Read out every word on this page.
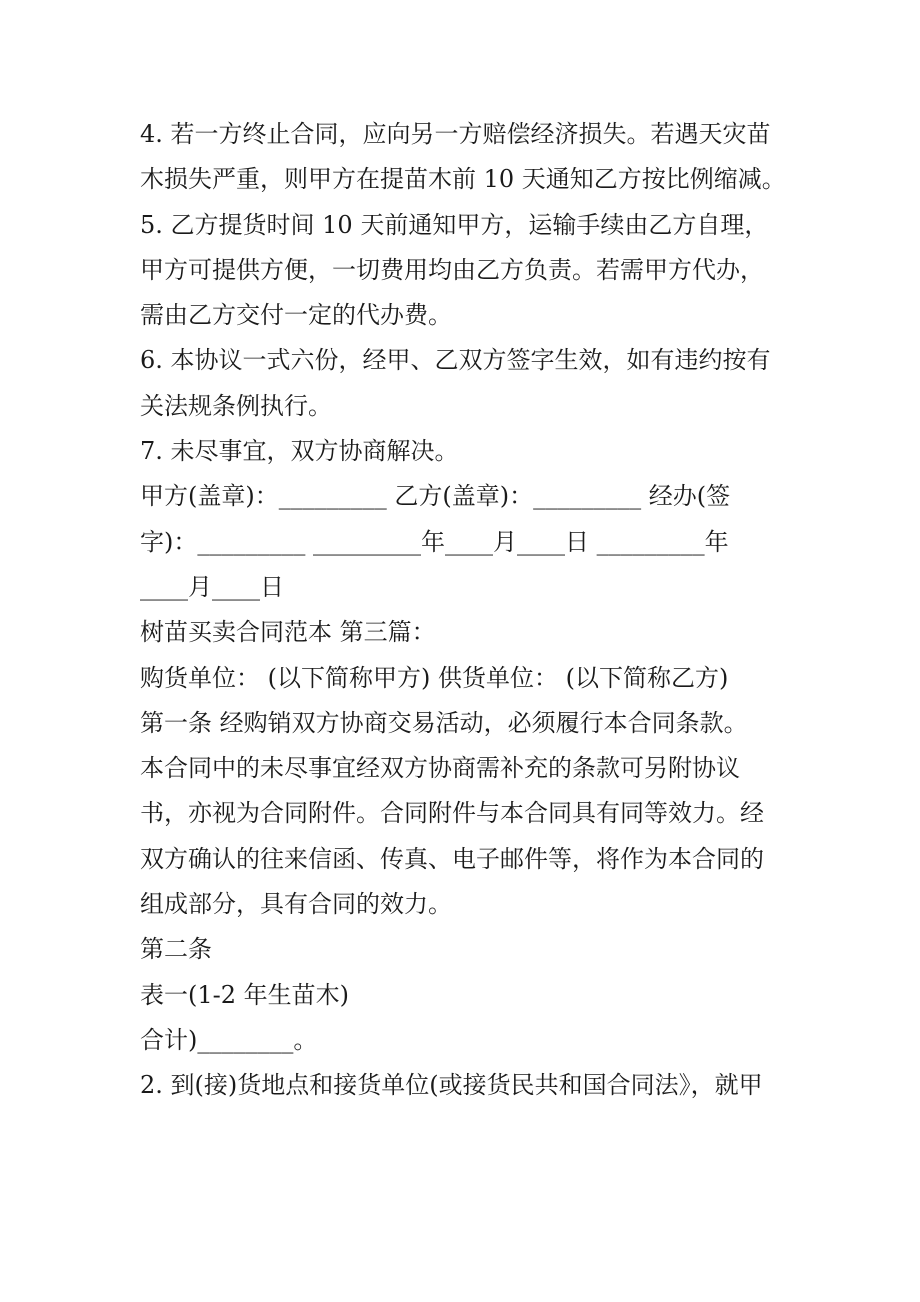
4. 若一方终止合同，应向另一方赔偿经济损失。若遇天灾苗
木损失严重，则甲方在提苗木前 10 天通知乙方按比例缩减。
5. 乙方提货时间 10 天前通知甲方，运输手续由乙方自理，
甲方可提供方便，一切费用均由乙方负责。若需甲方代办，
需由乙方交付一定的代办费。
6. 本协议一式六份，经甲、乙双方签字生效，如有违约按有
关法规条例执行。
7. 未尽事宜，双方协商解决。
甲方(盖章)：_________ 乙方(盖章)：_________ 经办(签
字)：_________ _________年____月____日 _________年
____月____日
树苗买卖合同范本 第三篇：
购货单位： (以下简称甲方) 供货单位： (以下简称乙方)
第一条 经购销双方协商交易活动，必须履行本合同条款。
本合同中的未尽事宜经双方协商需补充的条款可另附协议
书，亦视为合同附件。合同附件与本合同具有同等效力。经
双方确认的往来信函、传真、电子邮件等，将作为本合同的
组成部分，具有合同的效力。
第二条
表一(1-2 年生苗木)
合计)________。
2. 到(接)货地点和接货单位(或接货民共和国合同法》，就甲
